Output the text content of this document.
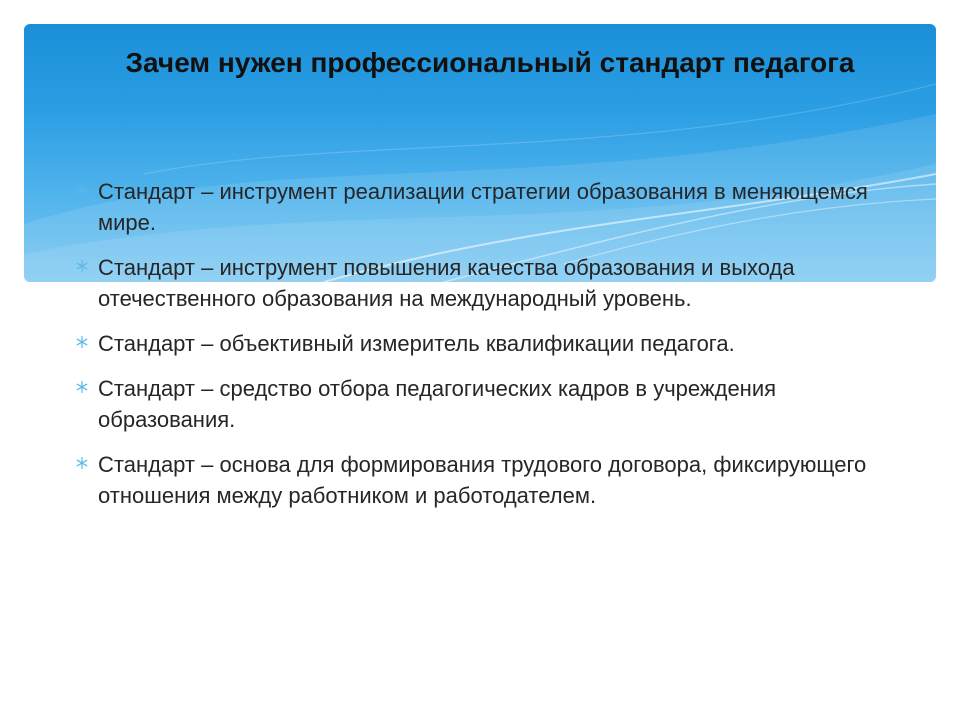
Зачем нужен профессиональный стандарт педагога
Стандарт – инструмент реализации стратегии образования в меняющемся мире.
Стандарт – инструмент повышения качества образования и выхода отечественного образования на международный уровень.
Стандарт – объективный измеритель квалификации педагога.
Стандарт – средство отбора педагогических кадров в учреждения образования.
Стандарт – основа для формирования трудового договора, фиксирующего отношения между работником и работодателем.
